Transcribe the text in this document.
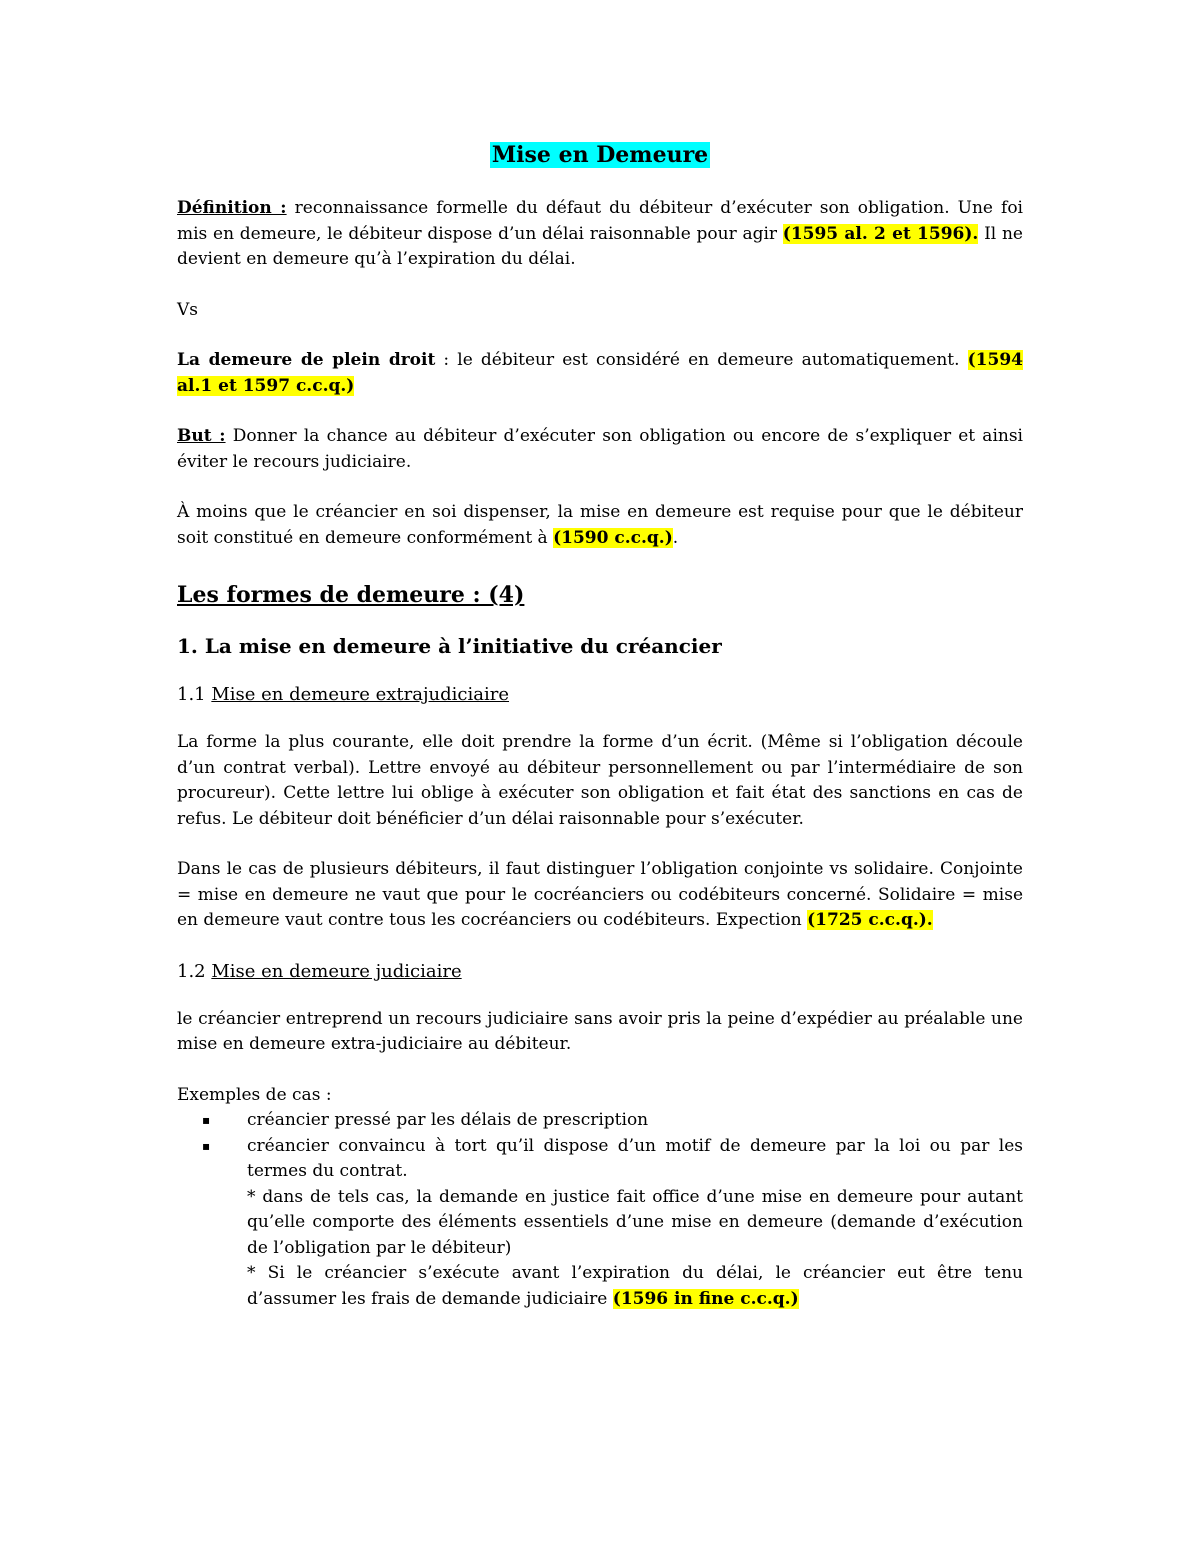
Mise en Demeure

Définition : reconnaissance formelle du défaut du débiteur d’exécuter son obligation. Une foi mis en demeure, le débiteur dispose d’un délai raisonnable pour agir (1595 al. 2 et 1596). Il ne devient en demeure qu’à l’expiration du délai.

Vs

La demeure de plein droit : le débiteur est considéré en demeure automatiquement. (1594 al.1 et 1597 c.c.q.)

But : Donner la chance au débiteur d’exécuter son obligation ou encore de s’expliquer et ainsi éviter le recours judiciaire.

À moins que le créancier en soi dispenser, la mise en demeure est requise pour que le débiteur soit constitué en demeure conformément à (1590 c.c.q.).

Les formes de demeure : (4)

1. La mise en demeure à l’initiative du créancier

1.1 Mise en demeure extrajudiciaire

La forme la plus courante, elle doit prendre la forme d’un écrit. (Même si l’obligation découle d’un contrat verbal). Lettre envoyé au débiteur personnellement ou par l’intermédiaire de son procureur). Cette lettre lui oblige à exécuter son obligation et fait état des sanctions en cas de refus. Le débiteur doit bénéficier d’un délai raisonnable pour s’exécuter.

Dans le cas de plusieurs débiteurs, il faut distinguer l’obligation conjointe vs solidaire. Conjointe = mise en demeure ne vaut que pour le cocréanciers ou codébiteurs concerné. Solidaire = mise en demeure vaut contre tous les cocréanciers ou codébiteurs. Expection (1725 c.c.q.).

1.2 Mise en demeure judiciaire

le créancier entreprend un recours judiciaire sans avoir pris la peine d’expédier au préalable une mise en demeure extra-judiciaire au débiteur.

Exemples de cas :

▪ créancier pressé par les délais de prescription
▪ créancier convaincu à tort qu’il dispose d’un motif de demeure par la loi ou par les termes du contrat.

* dans de tels cas, la demande en justice fait office d’une mise en demeure pour autant qu’elle comporte des éléments essentiels d’une mise en demeure (demande d’exécution de l’obligation par le débiteur)

* Si le créancier s’exécute avant l’expiration du délai, le créancier eut être tenu d’assumer les frais de demande judiciaire (1596 in fine c.c.q.)
